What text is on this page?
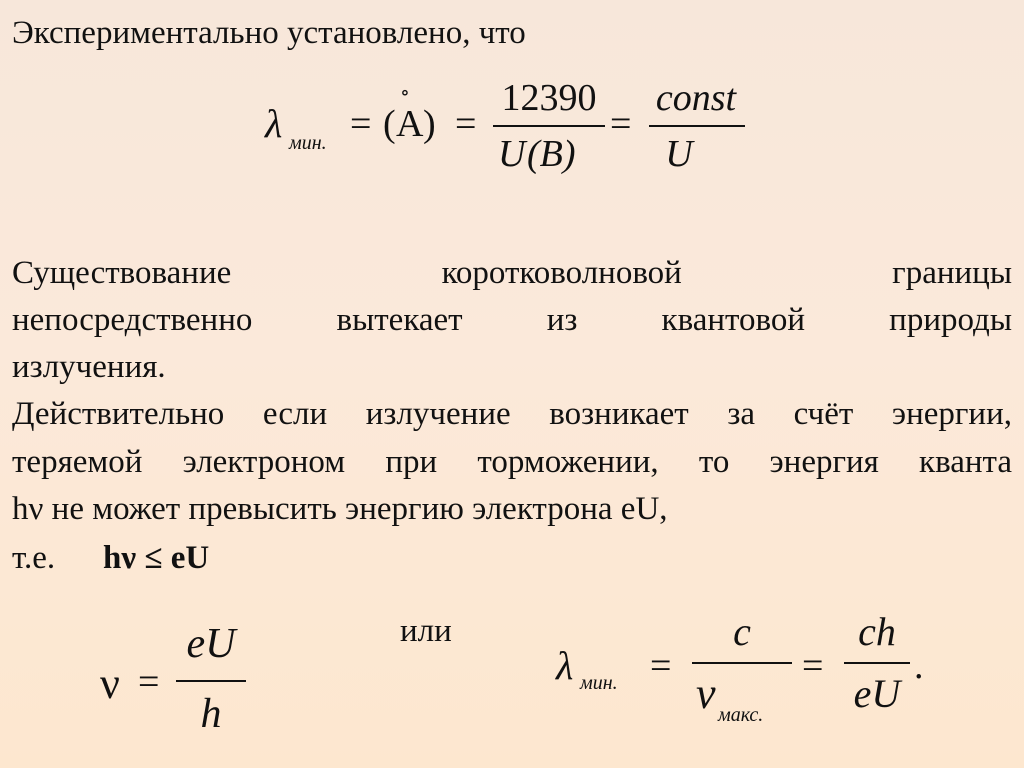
Экспериментально установлено, что
λ мин. = (
∘
A ) =
12390
U (B)
=
const
U
Существование	коротковолновой	границы
непосредственно вытекает из квантовой природы
излучения.
Действительно если излучение возникает за счёт энергии,
теряемой электроном при торможении, то энергия кванта
hν не может превысить энергию электрона eU,
т.е. hν ≤ eU
или
ν =
eU
h
λ мин. =
c
ν макс.
=
ch
eU
.
